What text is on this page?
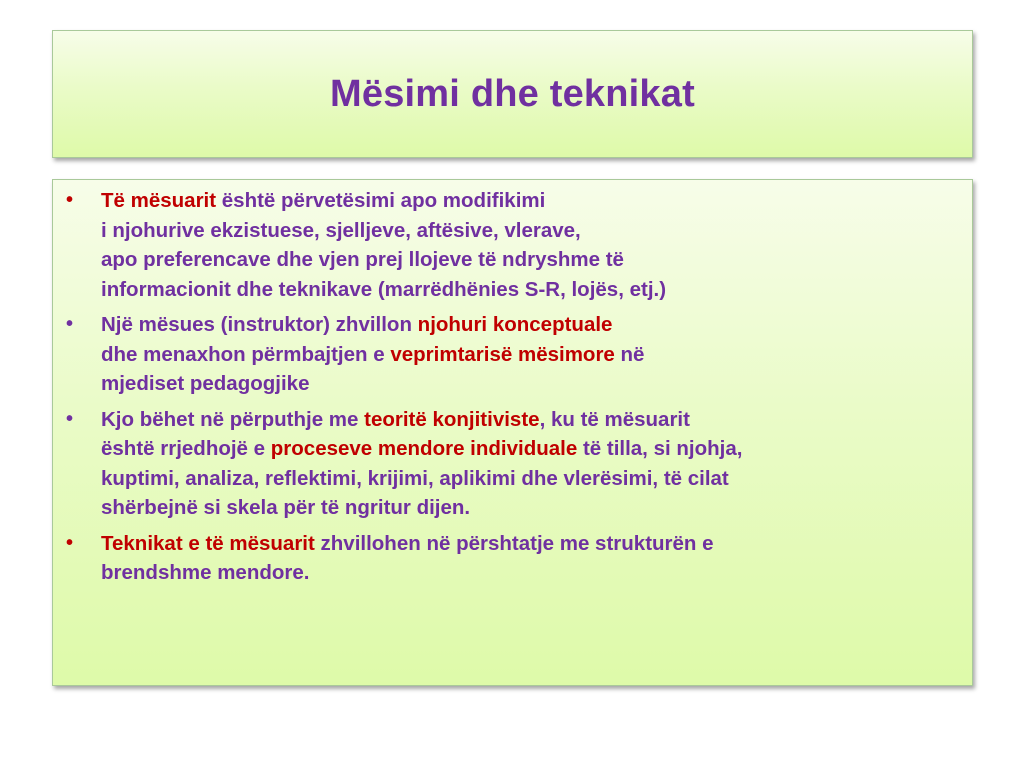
Mësimi dhe teknikat
• Të mësuarit është përvetësimi apo modifikimi
i njohurive ekzistuese, sjelljeve, aftësive, vlerave,
apo preferencave dhe vjen prej llojeve të ndryshme të
informacionit dhe teknikave (marrëdhënies S-R, lojës, etj.)
• Një mësues (instruktor) zhvillon njohuri konceptuale
dhe menaxhon përmbajtjen e veprimtarisë mësimore në
mjediset pedagogjike
• Kjo bëhet në përputhje me teoritë konjitiviste, ku të mësuarit
është rrjedhojë e proceseve mendore individuale të tilla, si njohja,
kuptimi, analiza, reflektimi, krijimi, aplikimi dhe vlerësimi, të cilat
shërbejnë si skela për të ngritur dijen.
• Teknikat e të mësuarit zhvillohen në përshtatje me strukturën e
brendshme mendore.
